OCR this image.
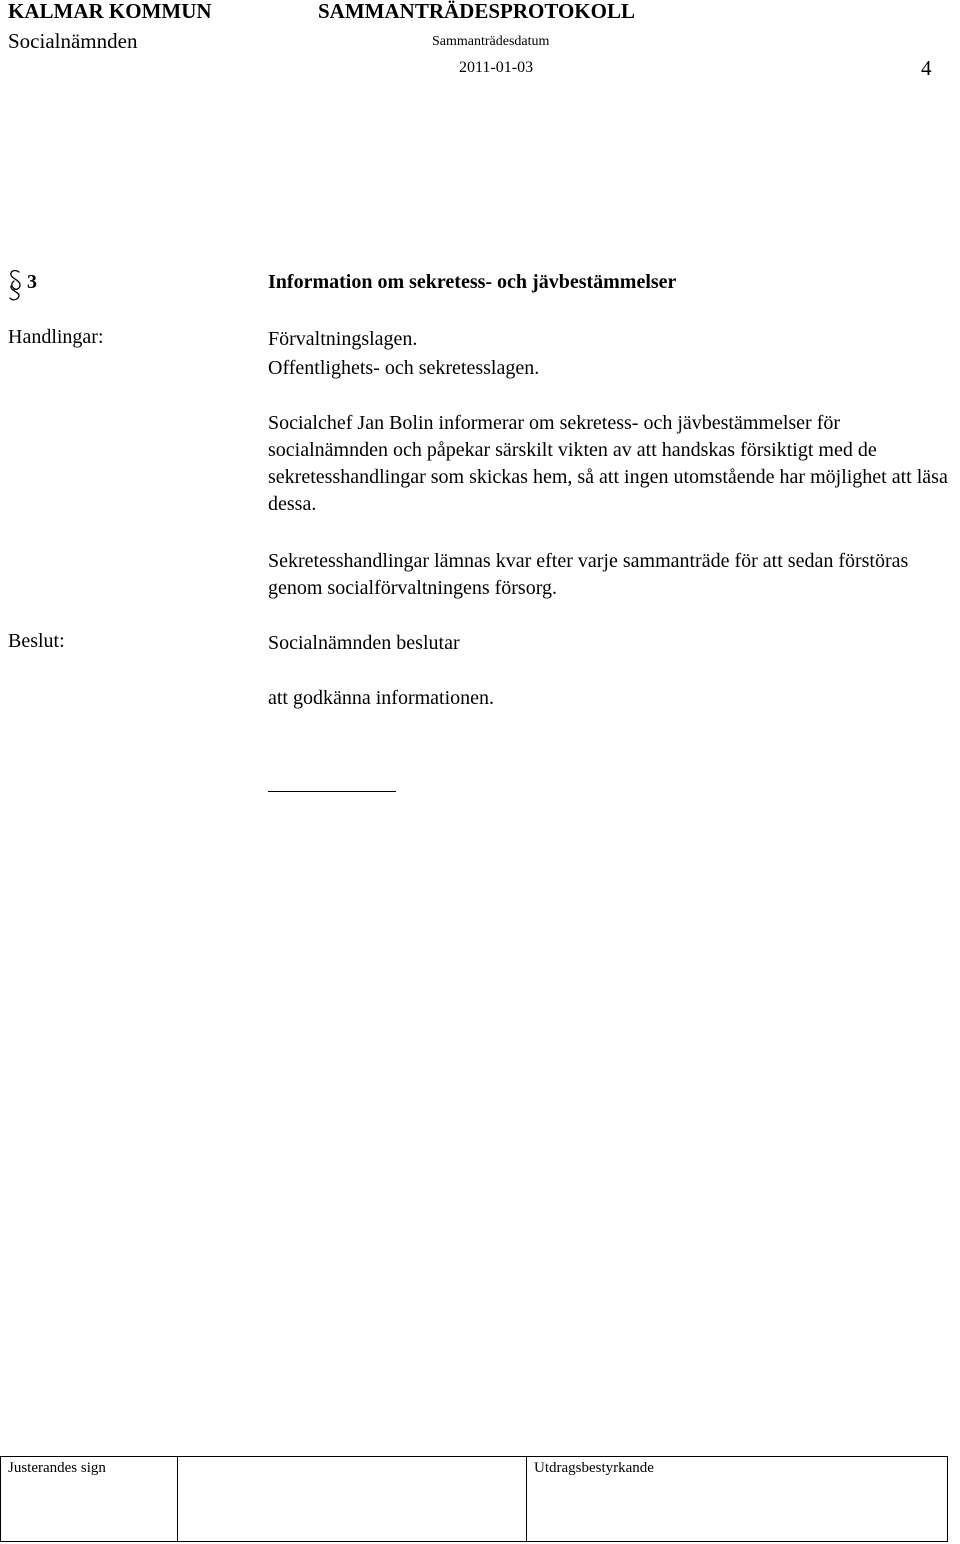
KALMAR KOMMUN
Socialnämnden
SAMMANTRÄDESPROTOKOLL
Sammanträdesdatum
2011-01-03	4
3	Information om sekretess- och jävbestämmelser
Handlingar:	Förvaltningslagen.
Offentlighets- och sekretesslagen.
Socialchef Jan Bolin informerar om sekretess- och jävbestämmelser för socialnämnden och påpekar särskilt vikten av att handskas försiktigt med de sekretesshandlingar som skickas hem, så att ingen utomstående har möjlighet att läsa dessa.
Sekretesshandlingar lämnas kvar efter varje sammanträde för att sedan förstöras genom socialförvaltningens försorg.
Beslut:	Socialnämnden beslutar
att godkänna informationen.
Justerandes sign	Utdragsbestyrkande
